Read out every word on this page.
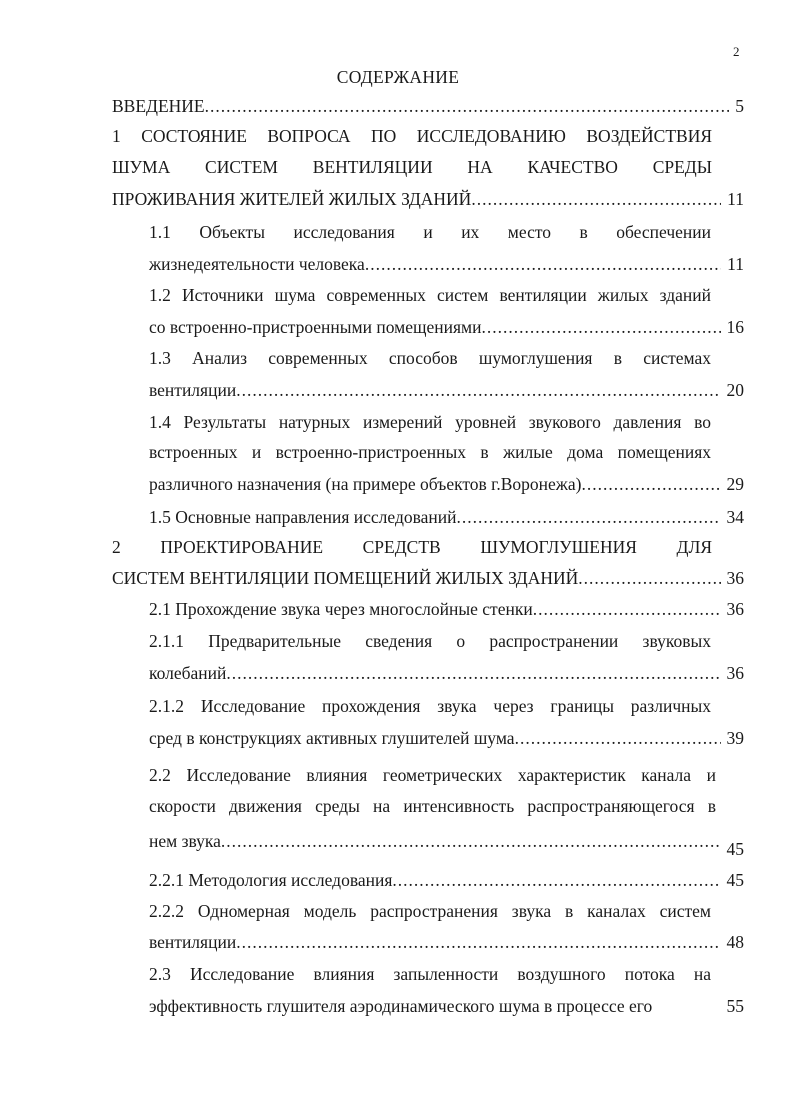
2
СОДЕРЖАНИЕ
ВВЕДЕНИЕ .....	5
1 СОСТОЯНИЕ ВОПРОСА ПО ИССЛЕДОВАНИЮ ВОЗДЕЙСТВИЯ
ШУМА СИСТЕМ ВЕНТИЛЯЦИИ НА КАЧЕСТВО СРЕДЫ
ПРОЖИВАНИЯ ЖИТЕЛЕЙ ЖИЛЫХ ЗДАНИЙ .....	11
1.1 Объекты исследования и их место в обеспечении
жизнедеятельности человека .....	11
1.2 Источники шума современных систем вентиляции жилых зданий
со встроенно-пристроенными помещениями .....	16
1.3 Анализ современных способов шумоглушения в системах
вентиляции .....	20
1.4 Результаты натурных измерений уровней звукового давления во
встроенных и встроенно-пристроенных в жилые дома помещениях
различного назначения (на примере объектов г.Воронежа) .....	29
1.5 Основные направления исследований .....	34
2 ПРОЕКТИРОВАНИЕ СРЕДСТВ ШУМОГЛУШЕНИЯ ДЛЯ
СИСТЕМ ВЕНТИЛЯЦИИ ПОМЕЩЕНИЙ ЖИЛЫХ ЗДАНИЙ .....	36
2.1 Прохождение звука через многослойные стенки .....	36
2.1.1 Предварительные сведения о распространении звуковых
колебаний .....	36
2.1.2 Исследование прохождения звука через границы различных
сред в конструкциях активных глушителей шума .....	39
2.2 Исследование влияния геометрических характеристик канала и
скорости движения среды на интенсивность распространяющегося в
нем звука .....	45
2.2.1 Методология исследования .....	45
2.2.2 Одномерная модель распространения звука в каналах систем
вентиляции .....	48
2.3 Исследование влияния запыленности воздушного потока на
эффективность глушителя аэродинамического шума в процессе его	55
